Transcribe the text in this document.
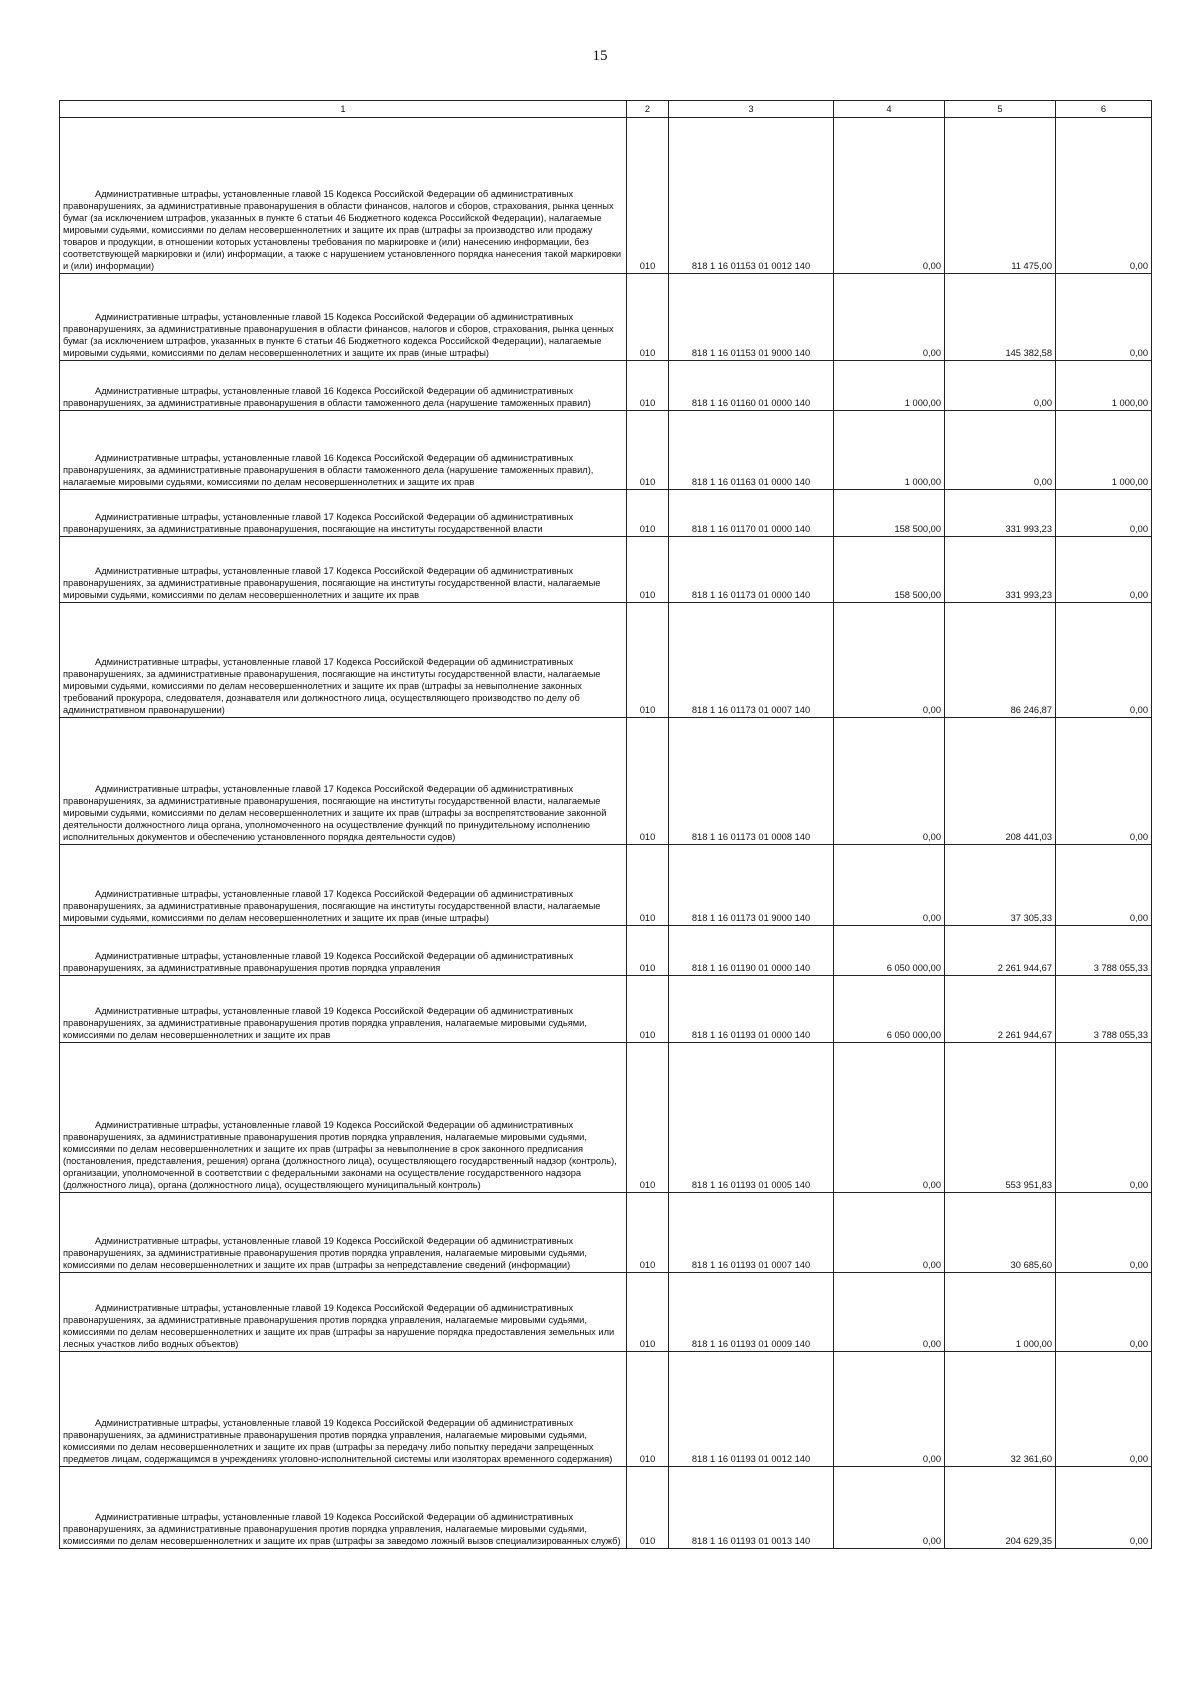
15
1	2	3	4	5	6
Административные штрафы, установленные главой 15 Кодекса Российской Федерации об административных правонарушениях, за административные правонарушения в области финансов, налогов и сборов, страхования, рынка ценных бумаг (за исключением штрафов, указанных в пункте 6 статьи 46 Бюджетного кодекса Российской Федерации), налагаемые мировыми судьями, комиссиями по делам несовершеннолетних и защите их прав (штрафы за производство или продажу товаров и продукции, в отношении которых установлены требования по маркировке и (или) нанесению информации, без соответствующей маркировки и (или) информации, а также с нарушением установленного порядка нанесения такой маркировки и (или) информации)	010	818 1 16 01153 01 0012 140	0,00	11 475,00	0,00
Административные штрафы, установленные главой 15 Кодекса Российской Федерации об административных правонарушениях, за административные правонарушения в области финансов, налогов и сборов, страхования, рынка ценных бумаг (за исключением штрафов, указанных в пункте 6 статьи 46 Бюджетного кодекса Российской Федерации), налагаемые мировыми судьями, комиссиями по делам несовершеннолетних и защите их прав (иные штрафы)	010	818 1 16 01153 01 9000 140	0,00	145 382,58	0,00
Административные штрафы, установленные главой 16 Кодекса Российской Федерации об административных правонарушениях, за административные правонарушения в области таможенного дела (нарушение таможенных правил)	010	818 1 16 01160 01 0000 140	1 000,00	0,00	1 000,00
Административные штрафы, установленные главой 16 Кодекса Российской Федерации об административных правонарушениях, за административные правонарушения в области таможенного дела (нарушение таможенных правил), налагаемые мировыми судьями, комиссиями по делам несовершеннолетних и защите их прав	010	818 1 16 01163 01 0000 140	1 000,00	0,00	1 000,00
Административные штрафы, установленные главой 17 Кодекса Российской Федерации об административных правонарушениях, за административные правонарушения, посягающие на институты государственной власти	010	818 1 16 01170 01 0000 140	158 500,00	331 993,23	0,00
Административные штрафы, установленные главой 17 Кодекса Российской Федерации об административных правонарушениях, за административные правонарушения, посягающие на институты государственной власти, налагаемые мировыми судьями, комиссиями по делам несовершеннолетних и защите их прав	010	818 1 16 01173 01 0000 140	158 500,00	331 993,23	0,00
Административные штрафы, установленные главой 17 Кодекса Российской Федерации об административных правонарушениях, за административные правонарушения, посягающие на институты государственной власти, налагаемые мировыми судьями, комиссиями по делам несовершеннолетних и защите их прав (штрафы за невыполнение законных требований прокурора, следователя, дознавателя или должностного лица, осуществляющего производство по делу об административном правонарушении)	010	818 1 16 01173 01 0007 140	0,00	86 246,87	0,00
Административные штрафы, установленные главой 17 Кодекса Российской Федерации об административных правонарушениях, за административные правонарушения, посягающие на институты государственной власти, налагаемые мировыми судьями, комиссиями по делам несовершеннолетних и защите их прав (штрафы за воспрепятствование законной деятельности должностного лица органа, уполномоченного на осуществление функций по принудительному исполнению исполнительных документов и обеспечению установленного порядка деятельности судов)	010	818 1 16 01173 01 0008 140	0,00	208 441,03	0,00
Административные штрафы, установленные главой 17 Кодекса Российской Федерации об административных правонарушениях, за административные правонарушения, посягающие на институты государственной власти, налагаемые мировыми судьями, комиссиями по делам несовершеннолетних и защите их прав (иные штрафы)	010	818 1 16 01173 01 9000 140	0,00	37 305,33	0,00
Административные штрафы, установленные главой 19 Кодекса Российской Федерации об административных правонарушениях, за административные правонарушения против порядка управления	010	818 1 16 01190 01 0000 140	6 050 000,00	2 261 944,67	3 788 055,33
Административные штрафы, установленные главой 19 Кодекса Российской Федерации об административных правонарушениях, за административные правонарушения против порядка управления, налагаемые мировыми судьями, комиссиями по делам несовершеннолетних и защите их прав	010	818 1 16 01193 01 0000 140	6 050 000,00	2 261 944,67	3 788 055,33
Административные штрафы, установленные главой 19 Кодекса Российской Федерации об административных правонарушениях, за административные правонарушения против порядка управления, налагаемые мировыми судьями, комиссиями по делам несовершеннолетних и защите их прав (штрафы за невыполнение в срок законного предписания (постановления, представления, решения) органа (должностного лица), осуществляющего государственный надзор (контроль), организации, уполномоченной в соответствии с федеральными законами на осуществление государственного надзора (должностного лица), органа (должностного лица), осуществляющего муниципальный контроль)	010	818 1 16 01193 01 0005 140	0,00	553 951,83	0,00
Административные штрафы, установленные главой 19 Кодекса Российской Федерации об административных правонарушениях, за административные правонарушения против порядка управления, налагаемые мировыми судьями, комиссиями по делам несовершеннолетних и защите их прав (штрафы за непредставление сведений (информации)	010	818 1 16 01193 01 0007 140	0,00	30 685,60	0,00
Административные штрафы, установленные главой 19 Кодекса Российской Федерации об административных правонарушениях, за административные правонарушения против порядка управления, налагаемые мировыми судьями, комиссиями по делам несовершеннолетних и защите их прав (штрафы за нарушение порядка предоставления земельных или лесных участков либо водных объектов)	010	818 1 16 01193 01 0009 140	0,00	1 000,00	0,00
Административные штрафы, установленные главой 19 Кодекса Российской Федерации об административных правонарушениях, за административные правонарушения против порядка управления, налагаемые мировыми судьями, комиссиями по делам несовершеннолетних и защите их прав (штрафы за передачу либо попытку передачи запрещенных предметов лицам, содержащимся в учреждениях уголовно-исполнительной системы или изоляторах временного содержания)	010	818 1 16 01193 01 0012 140	0,00	32 361,60	0,00
Административные штрафы, установленные главой 19 Кодекса Российской Федерации об административных правонарушениях, за административные правонарушения против порядка управления, налагаемые мировыми судьями, комиссиями по делам несовершеннолетних и защите их прав (штрафы за заведомо ложный вызов специализированных служб)	010	818 1 16 01193 01 0013 140	0,00	204 629,35	0,00
